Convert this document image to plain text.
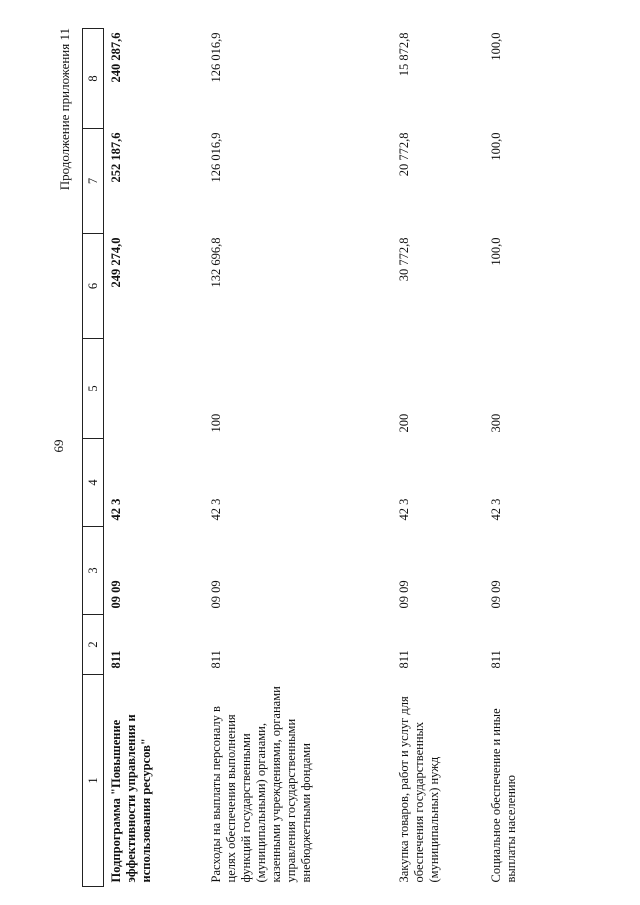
69
Продолжение приложения 11
1	2	3	4	5	6	7	8
Подпрограмма "Повышение эффективности управления и использования ресурсов"	811	09 09	42 3		249 274,0	252 187,6	240 287,6
Расходы на выплаты персоналу в целях обеспечения выполнения функций государственными (муниципальными) органами, казенными учреждениями, органами управления государственными внебюджетными фондами	811	09 09	42 3	100	132 696,8	126 016,9	126 016,9
Закупка товаров, работ и услуг для обеспечения государственных (муниципальных) нужд	811	09 09	42 3	200	30 772,8	20 772,8	15 872,8
Социальное обеспечение и иные выплаты населению	811	09 09	42 3	300	100,0	100,0	100,0
